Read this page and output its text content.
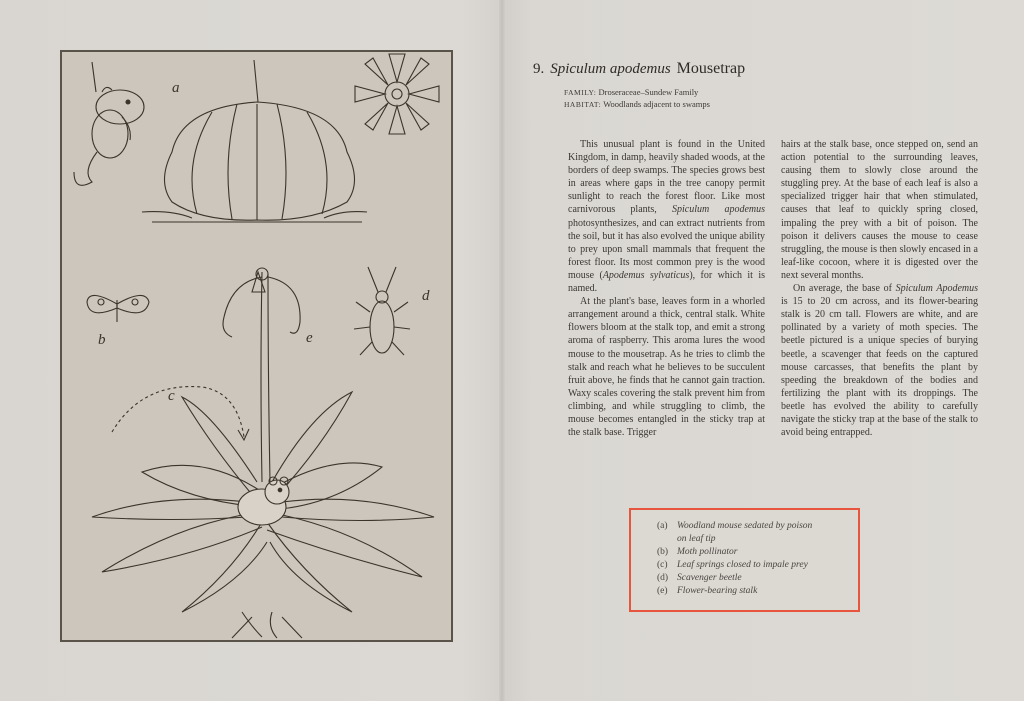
a
b
c
d
e
9. Spiculum apodemus Mousetrap
FAMILY: Droseraceae–Sundew Family
HABITAT: Woodlands adjacent to swamps

This unusual plant is found in the United Kingdom, in damp, heavily shaded woods, at the borders of deep swamps. The species grows best in areas where gaps in the tree canopy permit sunlight to reach the forest floor. Like most carnivorous plants, Spiculum apodemus photosynthesizes, and can extract nutrients from the soil, but it has also evolved the unique ability to prey upon small mammals that frequent the forest floor. Its most common prey is the wood mouse (Apodemus sylvaticus), for which it is named.

At the plant's base, leaves form in a whorled arrangement around a thick, central stalk. White flowers bloom at the stalk top, and emit a strong aroma of raspberry. This aroma lures the wood mouse to the mousetrap. As he tries to climb the stalk and reach what he believes to be succulent fruit above, he finds that he cannot gain traction. Waxy scales covering the stalk prevent him from climbing, and while struggling to climb, the mouse becomes entangled in the sticky trap at the stalk base. Trigger

hairs at the stalk base, once stepped on, send an action potential to the surrounding leaves, causing them to slowly close around the stuggling prey. At the base of each leaf is also a specialized trigger hair that when stimulated, causes that leaf to quickly spring closed, impaling the prey with a bit of poison. The poison it delivers causes the mouse to cease struggling, the mouse is then slowly encased in a leaf-like cocoon, where it is digested over the next several months.

On average, the base of Spiculum Apodemus is 15 to 20 cm across, and its flower-bearing stalk is 20 cm tall. Flowers are white, and are pollinated by a variety of moth species. The beetle pictured is a unique species of burying beetle, a scavenger that feeds on the captured mouse carcasses, that benefits the plant by speeding the breakdown of the bodies and fertilizing the plant with its droppings. The beetle has evolved the ability to carefully navigate the sticky trap at the base of the stalk to avoid being entrapped.

(a) Woodland mouse sedated by poison
on leaf tip
(b) Moth pollinator
(c) Leaf springs closed to impale prey
(d) Scavenger beetle
(e) Flower-bearing stalk
